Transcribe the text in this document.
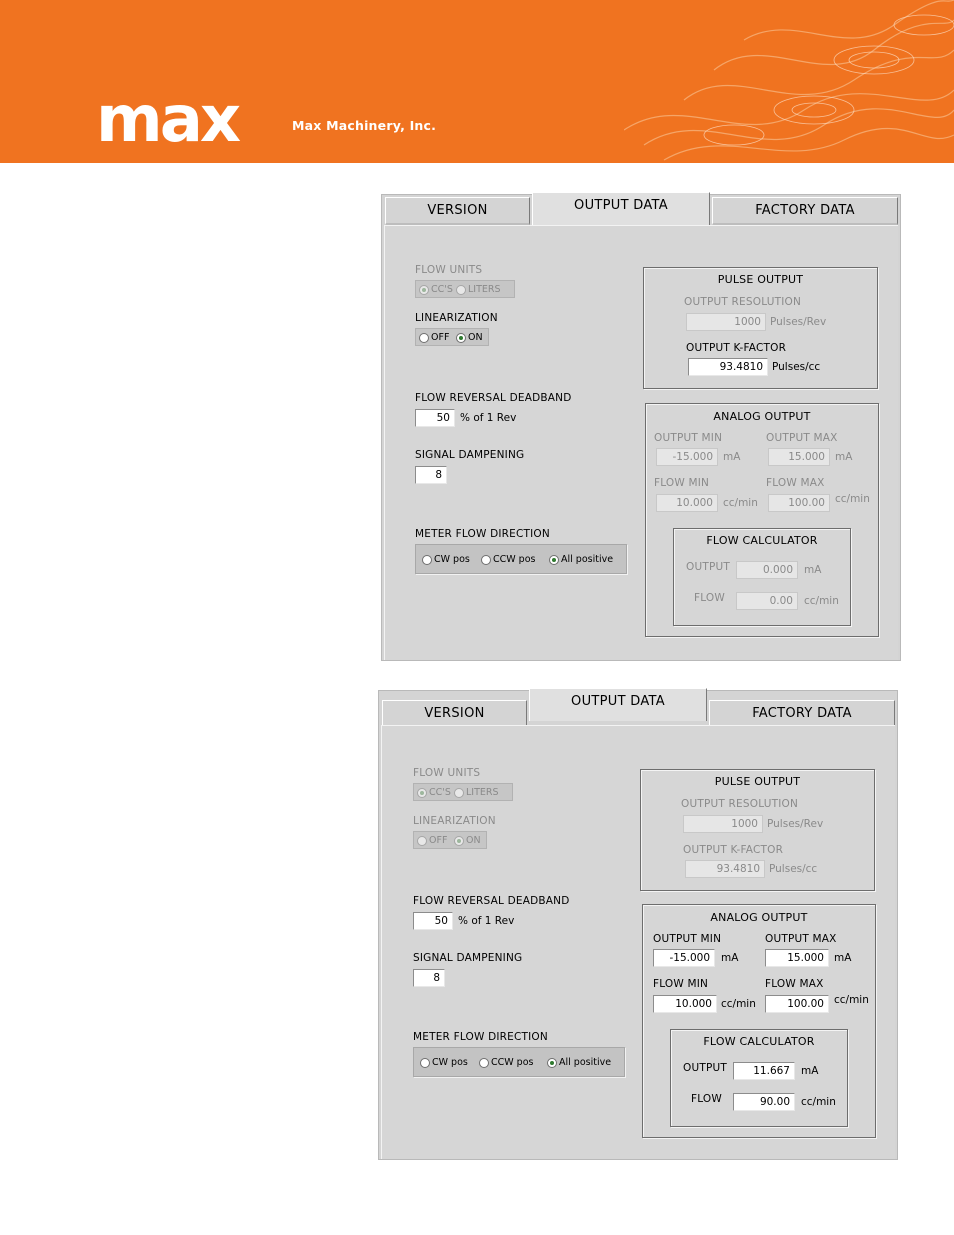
max	Max Machinery, Inc.
VERSION	OUTPUT DATA	FACTORY DATA
FLOW UNITS
CC'S LITERS
LINEARIZATION
OFF ON
FLOW REVERSAL DEADBAND
50 % of 1 Rev
SIGNAL DAMPENING
8
METER FLOW DIRECTION
CW pos CCW pos	All positive
PULSE OUTPUT
OUTPUT RESOLUTION
1000 Pulses/Rev
OUTPUT K-FACTOR
93.4810 Pulses/cc
ANALOG OUTPUT
OUTPUT MIN
-15.000 mA
OUTPUT MAX
15.000 mA
FLOW MIN
10.000 cc/min
FLOW MAX
100.00 cc/min
FLOW CALCULATOR
OUTPUT	0.000	mA
FLOW	0.00	cc/min
VERSION
OUTPUT DATA
FACTORY DATA
FLOW UNITS
CC'S LITERS
LINEARIZATION
OFF ON
FLOW REVERSAL DEADBAND
50 % of 1 Rev
SIGNAL DAMPENING
8
METER FLOW DIRECTION
CW pos CCW pos	All positive
PULSE OUTPUT
OUTPUT RESOLUTION
1000 Pulses/Rev
OUTPUT K-FACTOR
93.4810 Pulses/cc
ANALOG OUTPUT
OUTPUT MIN
-15.000	mA
OUTPUT MAX
15.000 mA
FLOW MIN
10.000 cc/min
FLOW MAX
100.00 cc/min
FLOW CALCULATOR
OUTPUT	11.667	mA
FLOW	90.00	cc/min
